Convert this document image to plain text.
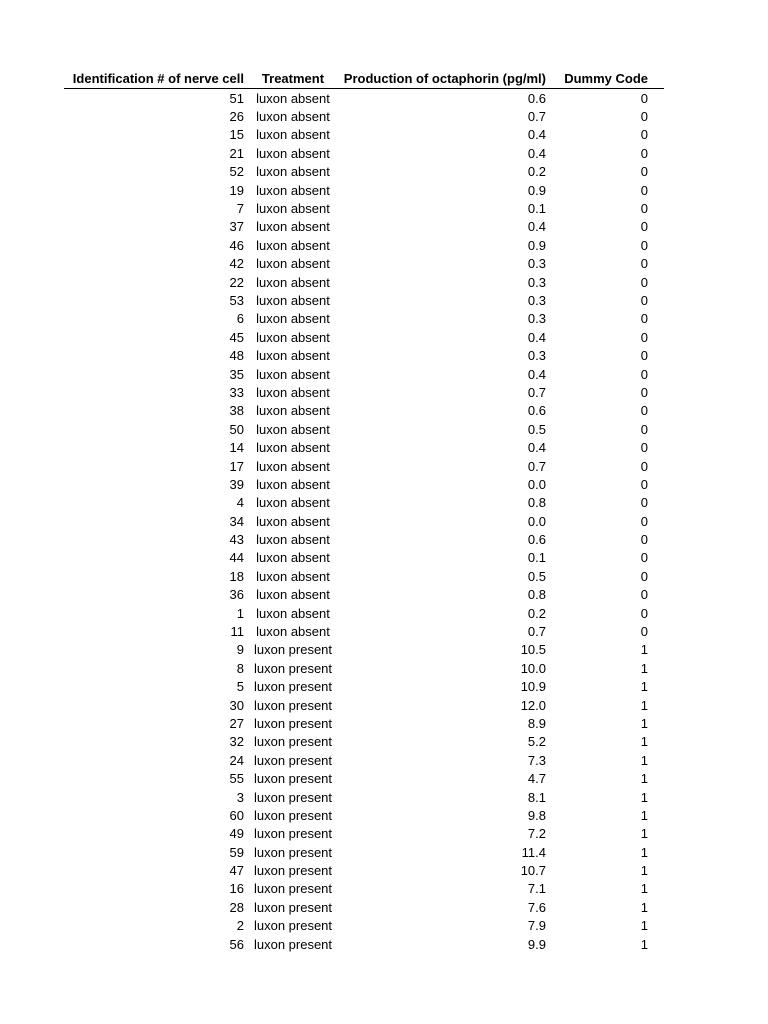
Identification # of nerve cell	Treatment	Production of octaphorin (pg/ml)	Dummy Code
51 luxon absent	0.6	0
26 luxon absent	0.7	0
15 luxon absent	0.4	0
21 luxon absent	0.4	0
52 luxon absent	0.2	0
19 luxon absent	0.9	0
7 luxon absent	0.1	0
37 luxon absent	0.4	0
46 luxon absent	0.9	0
42 luxon absent	0.3	0
22 luxon absent	0.3	0
53 luxon absent	0.3	0
6 luxon absent	0.3	0
45 luxon absent	0.4	0
48 luxon absent	0.3	0
35 luxon absent	0.4	0
33 luxon absent	0.7	0
38 luxon absent	0.6	0
50 luxon absent	0.5	0
14 luxon absent	0.4	0
17 luxon absent	0.7	0
39 luxon absent	0.0	0
4 luxon absent	0.8	0
34 luxon absent	0.0	0
43 luxon absent	0.6	0
44 luxon absent	0.1	0
18 luxon absent	0.5	0
36 luxon absent	0.8	0
1 luxon absent	0.2	0
11 luxon absent	0.7	0
9 luxon present	10.5	1
8 luxon present	10.0	1
5 luxon present	10.9	1
30 luxon present	12.0	1
27 luxon present	8.9	1
32 luxon present	5.2	1
24 luxon present	7.3	1
55 luxon present	4.7	1
3 luxon present	8.1	1
60 luxon present	9.8	1
49 luxon present	7.2	1
59 luxon present	11.4	1
47 luxon present	10.7	1
16 luxon present	7.1	1
28 luxon present	7.6	1
2 luxon present	7.9	1
56 luxon present	9.9	1
